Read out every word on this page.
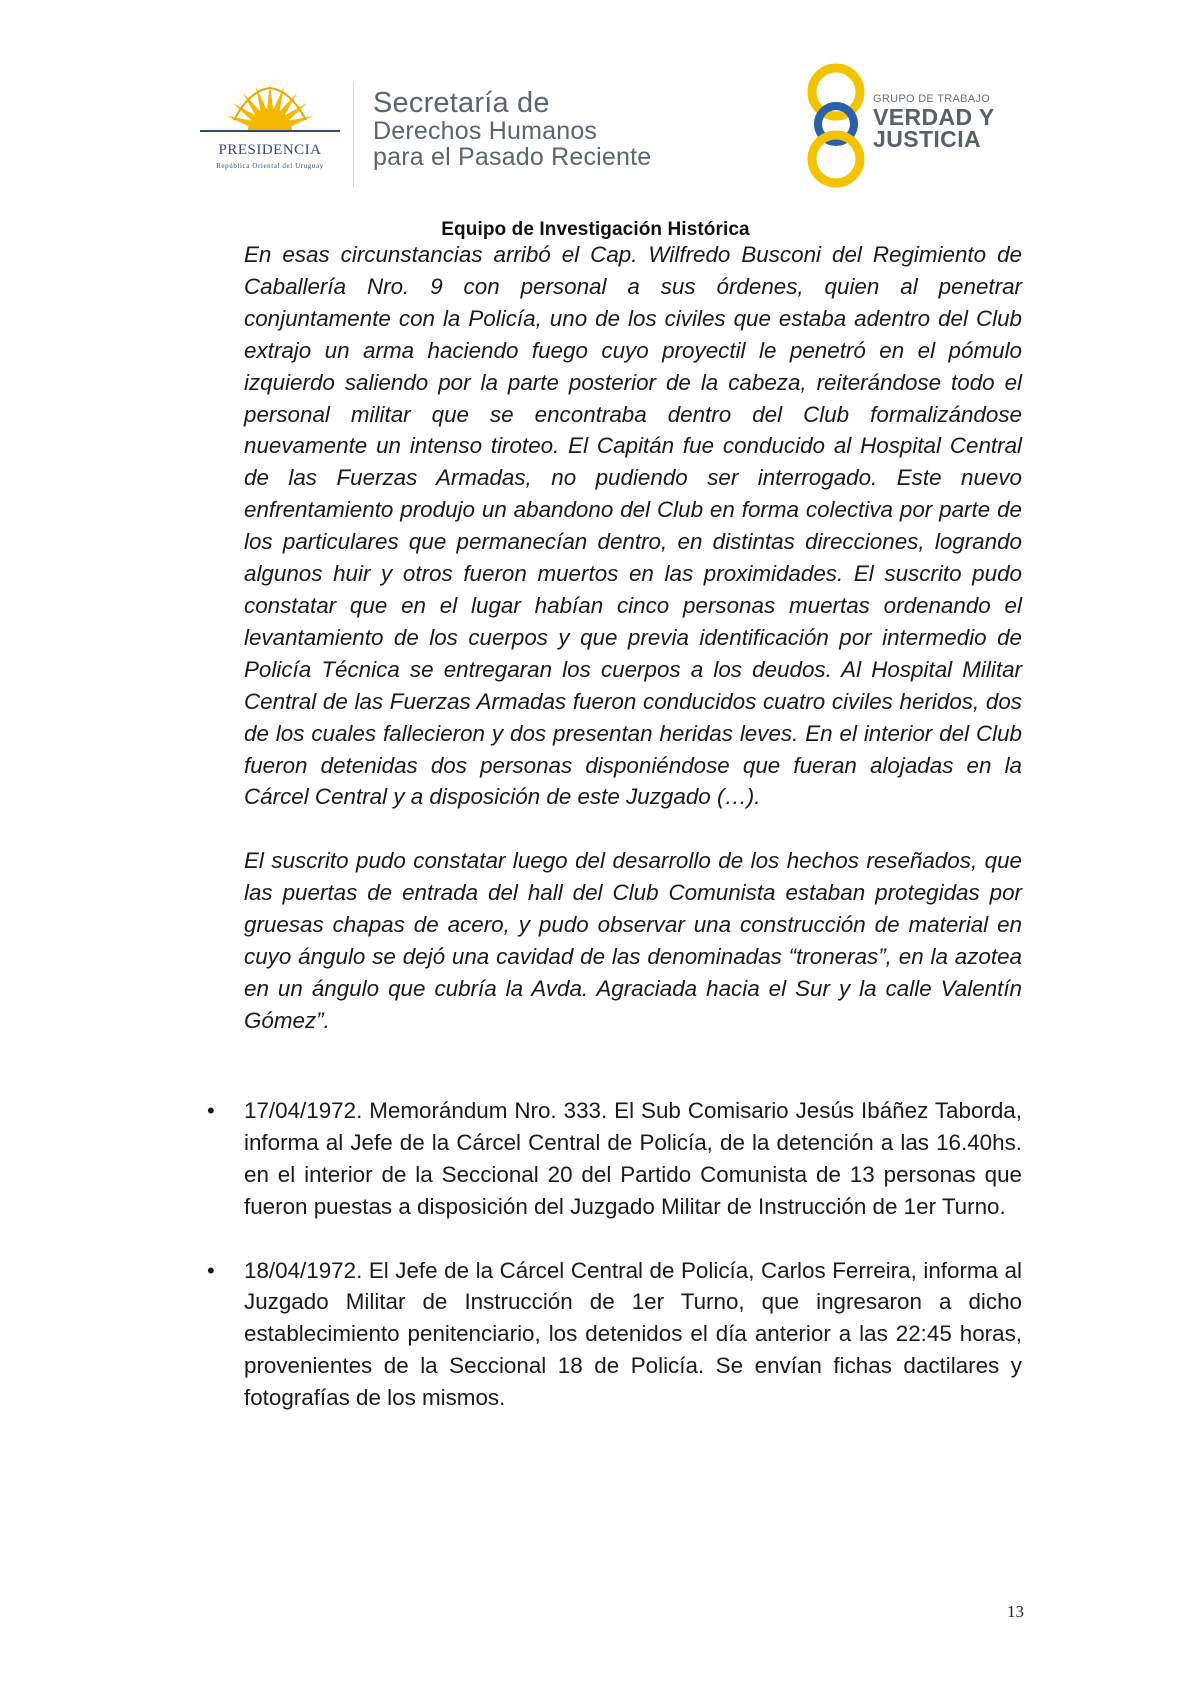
PRESIDENCIA
República Oriental del Uruguay
Secretaría de
Derechos Humanos
para el Pasado Reciente
GRUPO DE TRABAJO
VERDAD Y
JUSTICIA
Equipo de Investigación Histórica

En esas circunstancias arribó el Cap. Wilfredo Busconi del Regimiento de Caballería Nro. 9 con personal a sus órdenes, quien al penetrar conjuntamente con la Policía, uno de los civiles que estaba adentro del Club extrajo un arma haciendo fuego cuyo proyectil le penetró en el pómulo izquierdo saliendo por la parte posterior de la cabeza, reiterándose todo el personal militar que se encontraba dentro del Club formalizándose nuevamente un intenso tiroteo. El Capitán fue conducido al Hospital Central de las Fuerzas Armadas, no pudiendo ser interrogado. Este nuevo enfrentamiento produjo un abandono del Club en forma colectiva por parte de los particulares que permanecían dentro, en distintas direcciones, logrando algunos huir y otros fueron muertos en las proximidades. El suscrito pudo constatar que en el lugar habían cinco personas muertas ordenando el levantamiento de los cuerpos y que previa identificación por intermedio de Policía Técnica se entregaran los cuerpos a los deudos. Al Hospital Militar Central de las Fuerzas Armadas fueron conducidos cuatro civiles heridos, dos de los cuales fallecieron y dos presentan heridas leves. En el interior del Club fueron detenidas dos personas disponiéndose que fueran alojadas en la Cárcel Central y a disposición de este Juzgado (…).

El suscrito pudo constatar luego del desarrollo de los hechos reseñados, que las puertas de entrada del hall del Club Comunista estaban protegidas por gruesas chapas de acero, y pudo observar una construcción de material en cuyo ángulo se dejó una cavidad de las denominadas “troneras”, en la azotea en un ángulo que cubría la Avda. Agraciada hacia el Sur y la calle Valentín Gómez”.

•	17/04/1972. Memorándum Nro. 333. El Sub Comisario Jesús Ibáñez Taborda, informa al Jefe de la Cárcel Central de Policía, de la detención a las 16.40hs. en el interior de la Seccional 20 del Partido Comunista de 13 personas que fueron puestas a disposición del Juzgado Militar de Instrucción de 1er Turno.
•	18/04/1972. El Jefe de la Cárcel Central de Policía, Carlos Ferreira, informa al Juzgado Militar de Instrucción de 1er Turno, que ingresaron a dicho establecimiento penitenciario, los detenidos el día anterior a las 22:45 horas, provenientes de la Seccional 18 de Policía. Se envían fichas dactilares y fotografías de los mismos.
13
